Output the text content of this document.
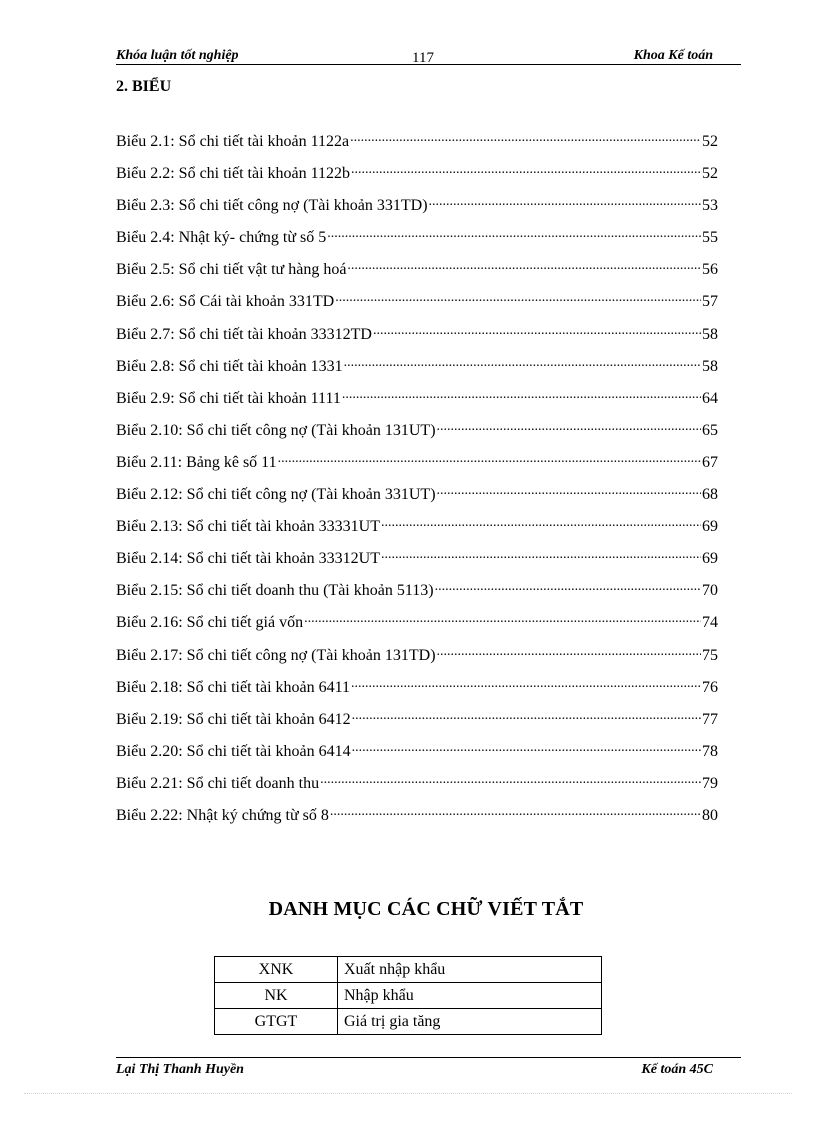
Khóa luận tốt nghiệp	117	Khoa Kế toán
2. BIỂU
Biểu 2.1: Sổ chi tiết tài khoản 1122a .....	52
Biểu 2.2: Sổ chi tiết tài khoản 1122b .....	52
Biểu 2.3: Sổ chi tiết công nợ (Tài khoản 331TD) .....	53
Biểu 2.4: Nhật ký- chứng từ số 5 .....	55
Biểu 2.5: Sổ chi tiết vật tư hàng hoá .....	56
Biểu 2.6: Sổ Cái tài khoản 331TD .....	57
Biểu 2.7: Sổ chi tiết tài khoản 33312TD .....	58
Biểu 2.8: Sổ chi tiết tài khoản 1331 .....	58
Biểu 2.9: Sổ chi tiết tài khoản 1111 .....	64
Biểu 2.10: Sổ chi tiết công nợ (Tài khoản 131UT) .....	65
Biểu 2.11: Bảng kê số 11 .....	67
Biểu 2.12: Sổ chi tiết công nợ (Tài khoản 331UT) .....	68
Biểu 2.13: Sổ chi tiết tài khoản 33331UT .....	69
Biểu 2.14: Sổ chi tiết tài khoản 33312UT .....	69
Biểu 2.15: Sổ chi tiết doanh thu (Tài khoản 5113) .....	70
Biểu 2.16: Sổ chi tiết giá vốn .....	74
Biểu 2.17: Sổ chi tiết công nợ (Tài khoản 131TD) .....	75
Biểu 2.18: Sổ chi tiết tài khoản 6411 .....	76
Biểu 2.19: Sổ chi tiết tài khoản 6412 .....	77
Biểu 2.20: Sổ chi tiết tài khoản 6414 .....	78
Biểu 2.21: Sổ chi tiết doanh thu .....	79
Biểu 2.22: Nhật ký chứng từ số 8 .....	80
DANH MỤC CÁC CHỮ VIẾT TẮT
XNK	Xuất nhập khẩu
NK	Nhập khẩu
GTGT	Giá trị gia tăng
Lại Thị Thanh Huyền	Kế toán 45C
